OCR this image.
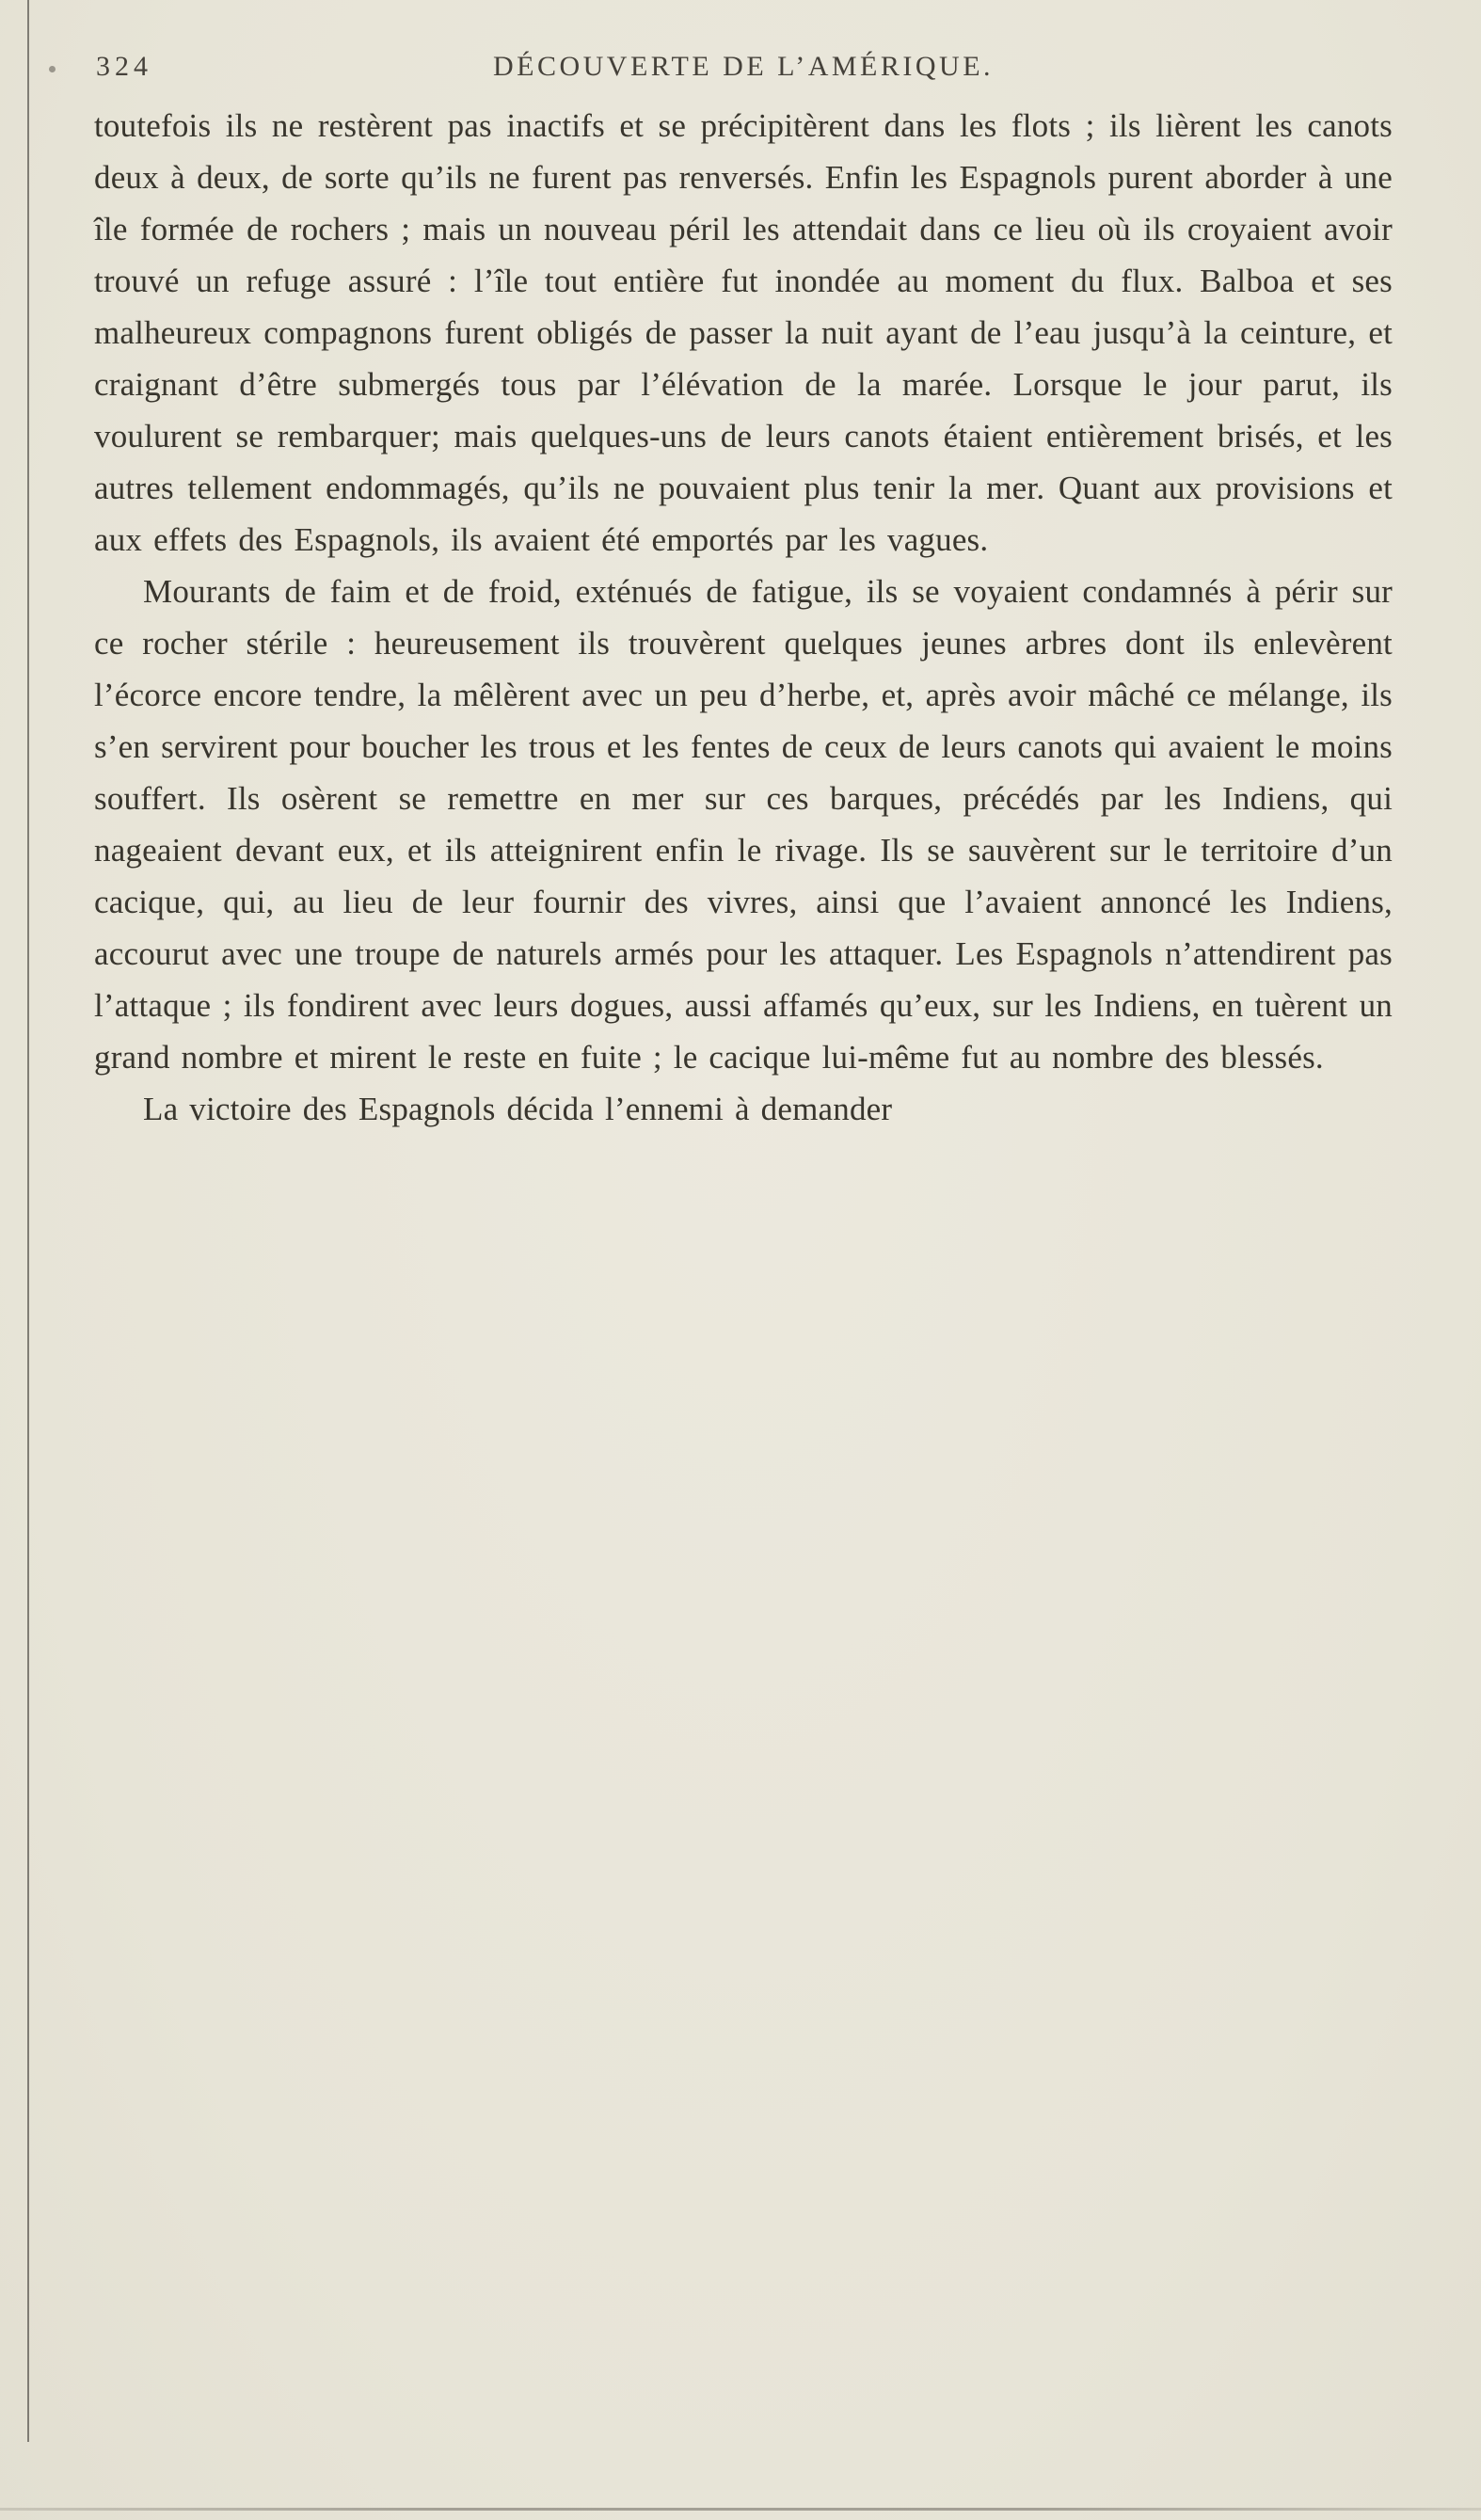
324	DÉCOUVERTE DE L’AMÉRIQUE.

toutefois ils ne restèrent pas inactifs et se précipitèrent dans les flots ; ils lièrent les canots deux à deux, de sorte qu’ils ne furent pas renversés. Enfin les Espagnols purent aborder à une île formée de rochers ; mais un nouveau péril les attendait dans ce lieu où ils croyaient avoir trouvé un refuge assuré : l’île tout entière fut inondée au moment du flux. Balboa et ses malheureux compagnons furent obligés de passer la nuit ayant de l’eau jusqu’à la ceinture, et craignant d’être submergés tous par l’élévation de la marée. Lorsque le jour parut, ils voulurent se rembarquer; mais quelques-uns de leurs canots étaient entièrement brisés, et les autres tellement endommagés, qu’ils ne pouvaient plus tenir la mer. Quant aux provisions et aux effets des Espagnols, ils avaient été emportés par les vagues.

Mourants de faim et de froid, exténués de fatigue, ils se voyaient condamnés à périr sur ce rocher stérile : heureusement ils trouvèrent quelques jeunes arbres dont ils enlevèrent l’écorce encore tendre, la mêlèrent avec un peu d’herbe, et, après avoir mâché ce mélange, ils s’en servirent pour boucher les trous et les fentes de ceux de leurs canots qui avaient le moins souffert. Ils osèrent se remettre en mer sur ces barques, précédés par les Indiens, qui nageaient devant eux, et ils atteignirent enfin le rivage. Ils se sauvèrent sur le territoire d’un cacique, qui, au lieu de leur fournir des vivres, ainsi que l’avaient annoncé les Indiens, accourut avec une troupe de naturels armés pour les attaquer. Les Espagnols n’attendirent pas l’attaque ; ils fondirent avec leurs dogues, aussi affamés qu’eux, sur les Indiens, en tuèrent un grand nombre et mirent le reste en fuite ; le cacique lui-même fut au nombre des blessés.

La victoire des Espagnols décida l’ennemi à demander
